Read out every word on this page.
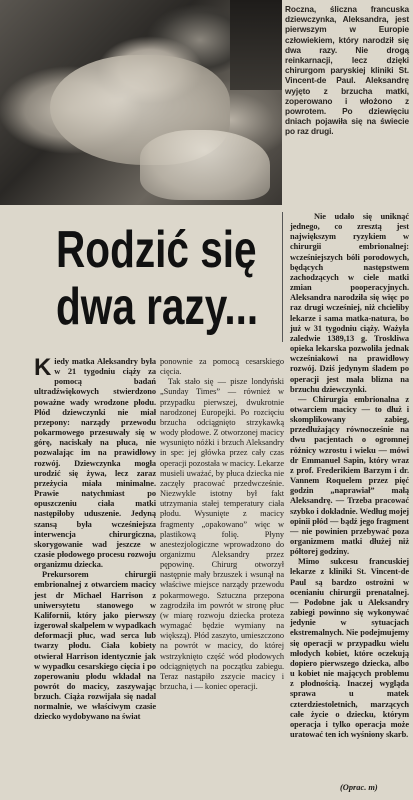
Roczna, śliczna francuska dziewczynka, Aleksandra, jest pierwszym w Europie człowiekiem, który narodził się dwa razy. Nie drogą reinkarnacji, lecz dzięki chirurgom paryskiej kliniki St. Vincent-de Paul. Aleksandrę wyjęto z brzucha matki, zoperowano i włożono z powrotem. Po dziewięciu dniach pojawiła się na świecie po raz drugi.
Rodzić się
dwa razy...

Kiedy matka Aleksandry była w 21 tygodniu ciąży za pomocą badań ultradźwiękowych stwierdzono poważne wady wrodzone płodu. Płód dziewczynki nie miał przepony: narządy przewodu pokarmowego przesuwały się w górę, naciskały na płuca, nie pozwalając im na prawidłowy rozwój. Dziewczynka mogła urodzić się żywa, lecz zaraz przeżycia miała minimalne. Prawie natychmiast po opuszczeniu ciała matki następiłoby uduszenie. Jedyną szansą była wcześniejsza interwencja chirurgiczna, skorygowanie wad jeszcze w czasie płodowego procesu rozwoju organizmu dziecka.

Prekursorem chirurgii embrionalnej z otwarciem macicy jest dr Michael Harrison z uniwersytetu stanowego w Kalifornii, który jako pierwszy izgerował skalpelem w wypadkach deformacji płuc, wad serca lub twarzy płodu. Ciała kobiety otwierał Harrison identycznie jak w wypadku cesarskiego cięcia i po zoperowaniu płodu wkładał na powrót do macicy, zaszywając brzuch. Ciąża rozwijała się nadal normalnie, we właściwym czasie dziecko wydobywano na świat

ponownie za pomocą cesarskiego cięcia.

Tak stało się — pisze londyński „Sunday Times” — również w przypadku pierwszej, dwukrotnie narodzonej Europejki. Po rozcięciu brzucha odciągnięto strzykawką wody płodowe. Z otworzonej macicy wysunięto nóżki i brzuch Aleksandry in spe: jej główka przez cały czas operacji pozostała w macicy. Lekarze musieli uważać, by płuca dziecka nie zaczęły pracować przedwcześnie. Niezwykle istotny był fakt utrzymania stałej temperatury ciała płodu. Wysunięte z macicy fragmenty „opakowano” więc w plastikową folię. Płyny anestezjologiczne wprowadzono do organizmu Aleksandry przez pępowinę. Chirurg otworzył następnie mały brzuszek i wsunął na właściwe miejsce narządy przewodu pokarmowego. Sztuczna przepona zagrodziła im powrót w stronę płuc (w miarę rozwoju dziecka proteza wymagać będzie wymiany na większą). Płód zaszyto, umieszczono na powrót w macicy, do której wstrzyknięto część wód płodowych odciągniętych na początku zabiegu. Teraz nastąpiło zszycie macicy i brzucha, i — koniec operacji.

Nie udało się uniknąć jednego, co zresztą jest największym ryzykiem w chirurgii embrionalnej: wcześniejszych bóli porodowych, będących następstwem zachodzących w ciele matki zmian pooperacyjnych. Aleksandra narodziła się więc po raz drugi wcześniej, niż chcieliby lekarze i sama matka-natura, bo już w 31 tygodniu ciąży. Ważyła zaledwie 1389,13 g. Troskliwa opieka lekarska pozwoliła jednak wcześniakowi na prawidłowy rozwój. Dziś jedynym śladem po operacji jest mała blizna na brzuchu dziewczynki.

— Chirurgia embrionalna z otwarciem macicy — to dłuż i skomplikowany zabieg, przedłużający równocześnie na dwu pacjentach o ogromnej różnicy wzrostu i wieku — mówi dr Emmanuel Sapin, który wraz z prof. Frederikiem Barzym i dr. Vannem Roquelem przez pięć godzin „naprawiał” małą Aleksandrę. — Trzeba pracować szybko i dokładnie. Według mojej opinii płód — bądź jego fragment — nie powinien przebywać poza organizmem matki dłużej niż półtorej godziny.

Mimo sukcesu francuskiej lekarze z kliniki St. Vincent-de Paul są bardzo ostrożni w ocenianiu chirurgii prenatalnej. — Podobne jak u Aleksandry zabiegi powinno się wykonywać jedynie w sytuacjach ekstremalnych. Nie podejmujemy się operacji w przypadku wielu młodych kobiet, które oczekują dopiero pierwszego dziecka, albo u kobiet nie mających problemu z płodnością. Inaczej wygląda sprawa u matek czterdziestoletnich, marzących całe życie o dziecku, którym operacja i tylko operacja może uratować ten ich wyśniony skarb.

(Oprac. m)
